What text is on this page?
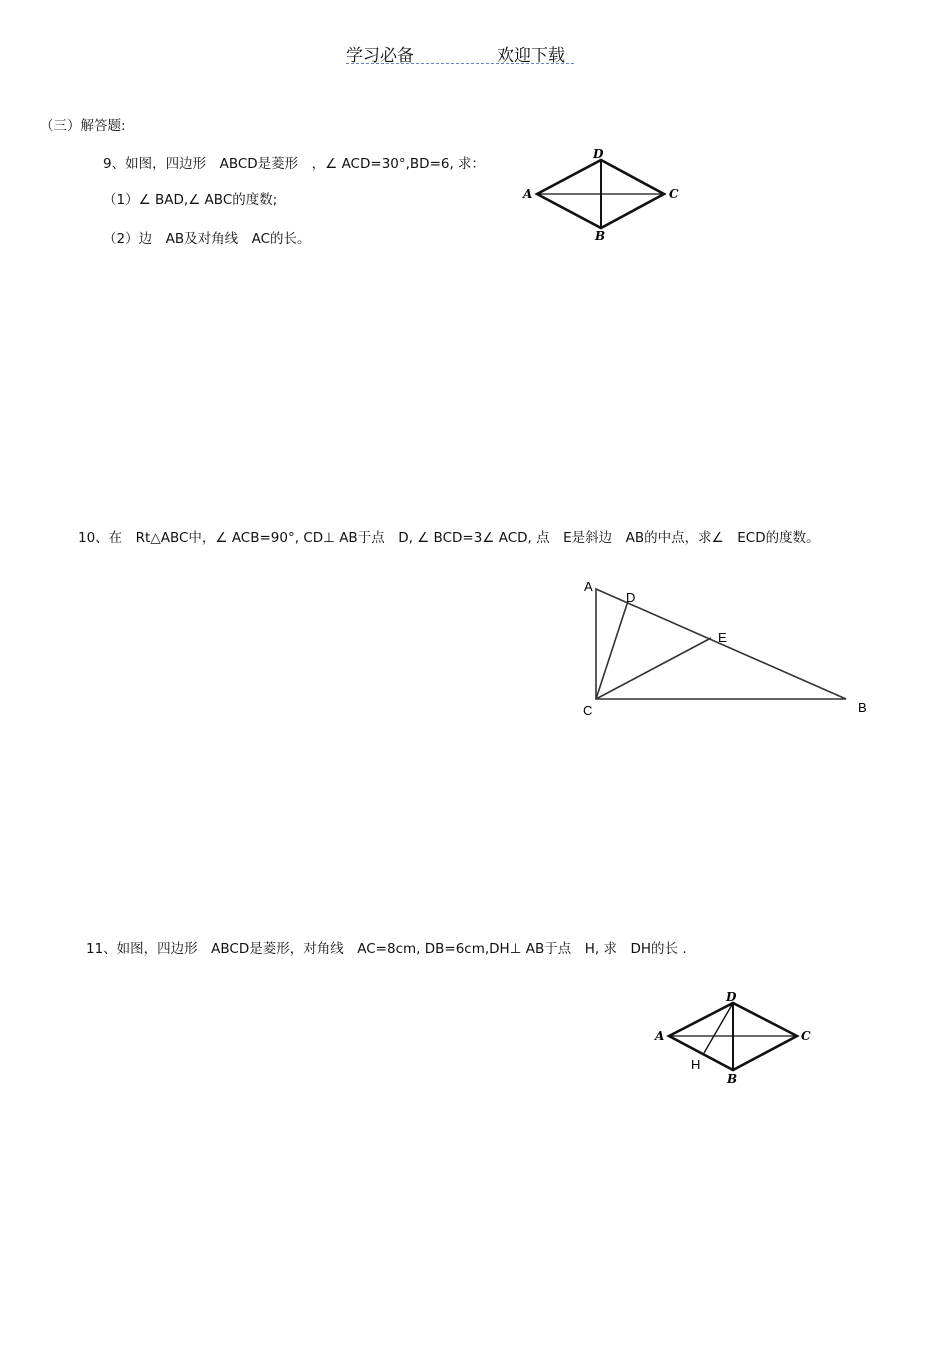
学习必备	欢迎下载
（三）解答题:
9、如图，四边形　ABCD是菱形　，∠ ACD=30°,BD=6, 求：
（1）∠ BAD,∠ ABC的度数;
（2）边　AB及对角线　AC的长。
D
A	C
B
10、在　Rt△ABC中，∠ ACB=90°, CD⊥ AB于点　D, ∠ BCD=3∠ ACD, 点　E是斜边　AB的中点，求∠　ECD的度数。
A
D
E
C	B
11、如图，四边形　ABCD是菱形，对角线　AC=8cm, DB=6cm,DH⊥ AB于点　H, 求　DH的长 .
D
A	C
B
H
